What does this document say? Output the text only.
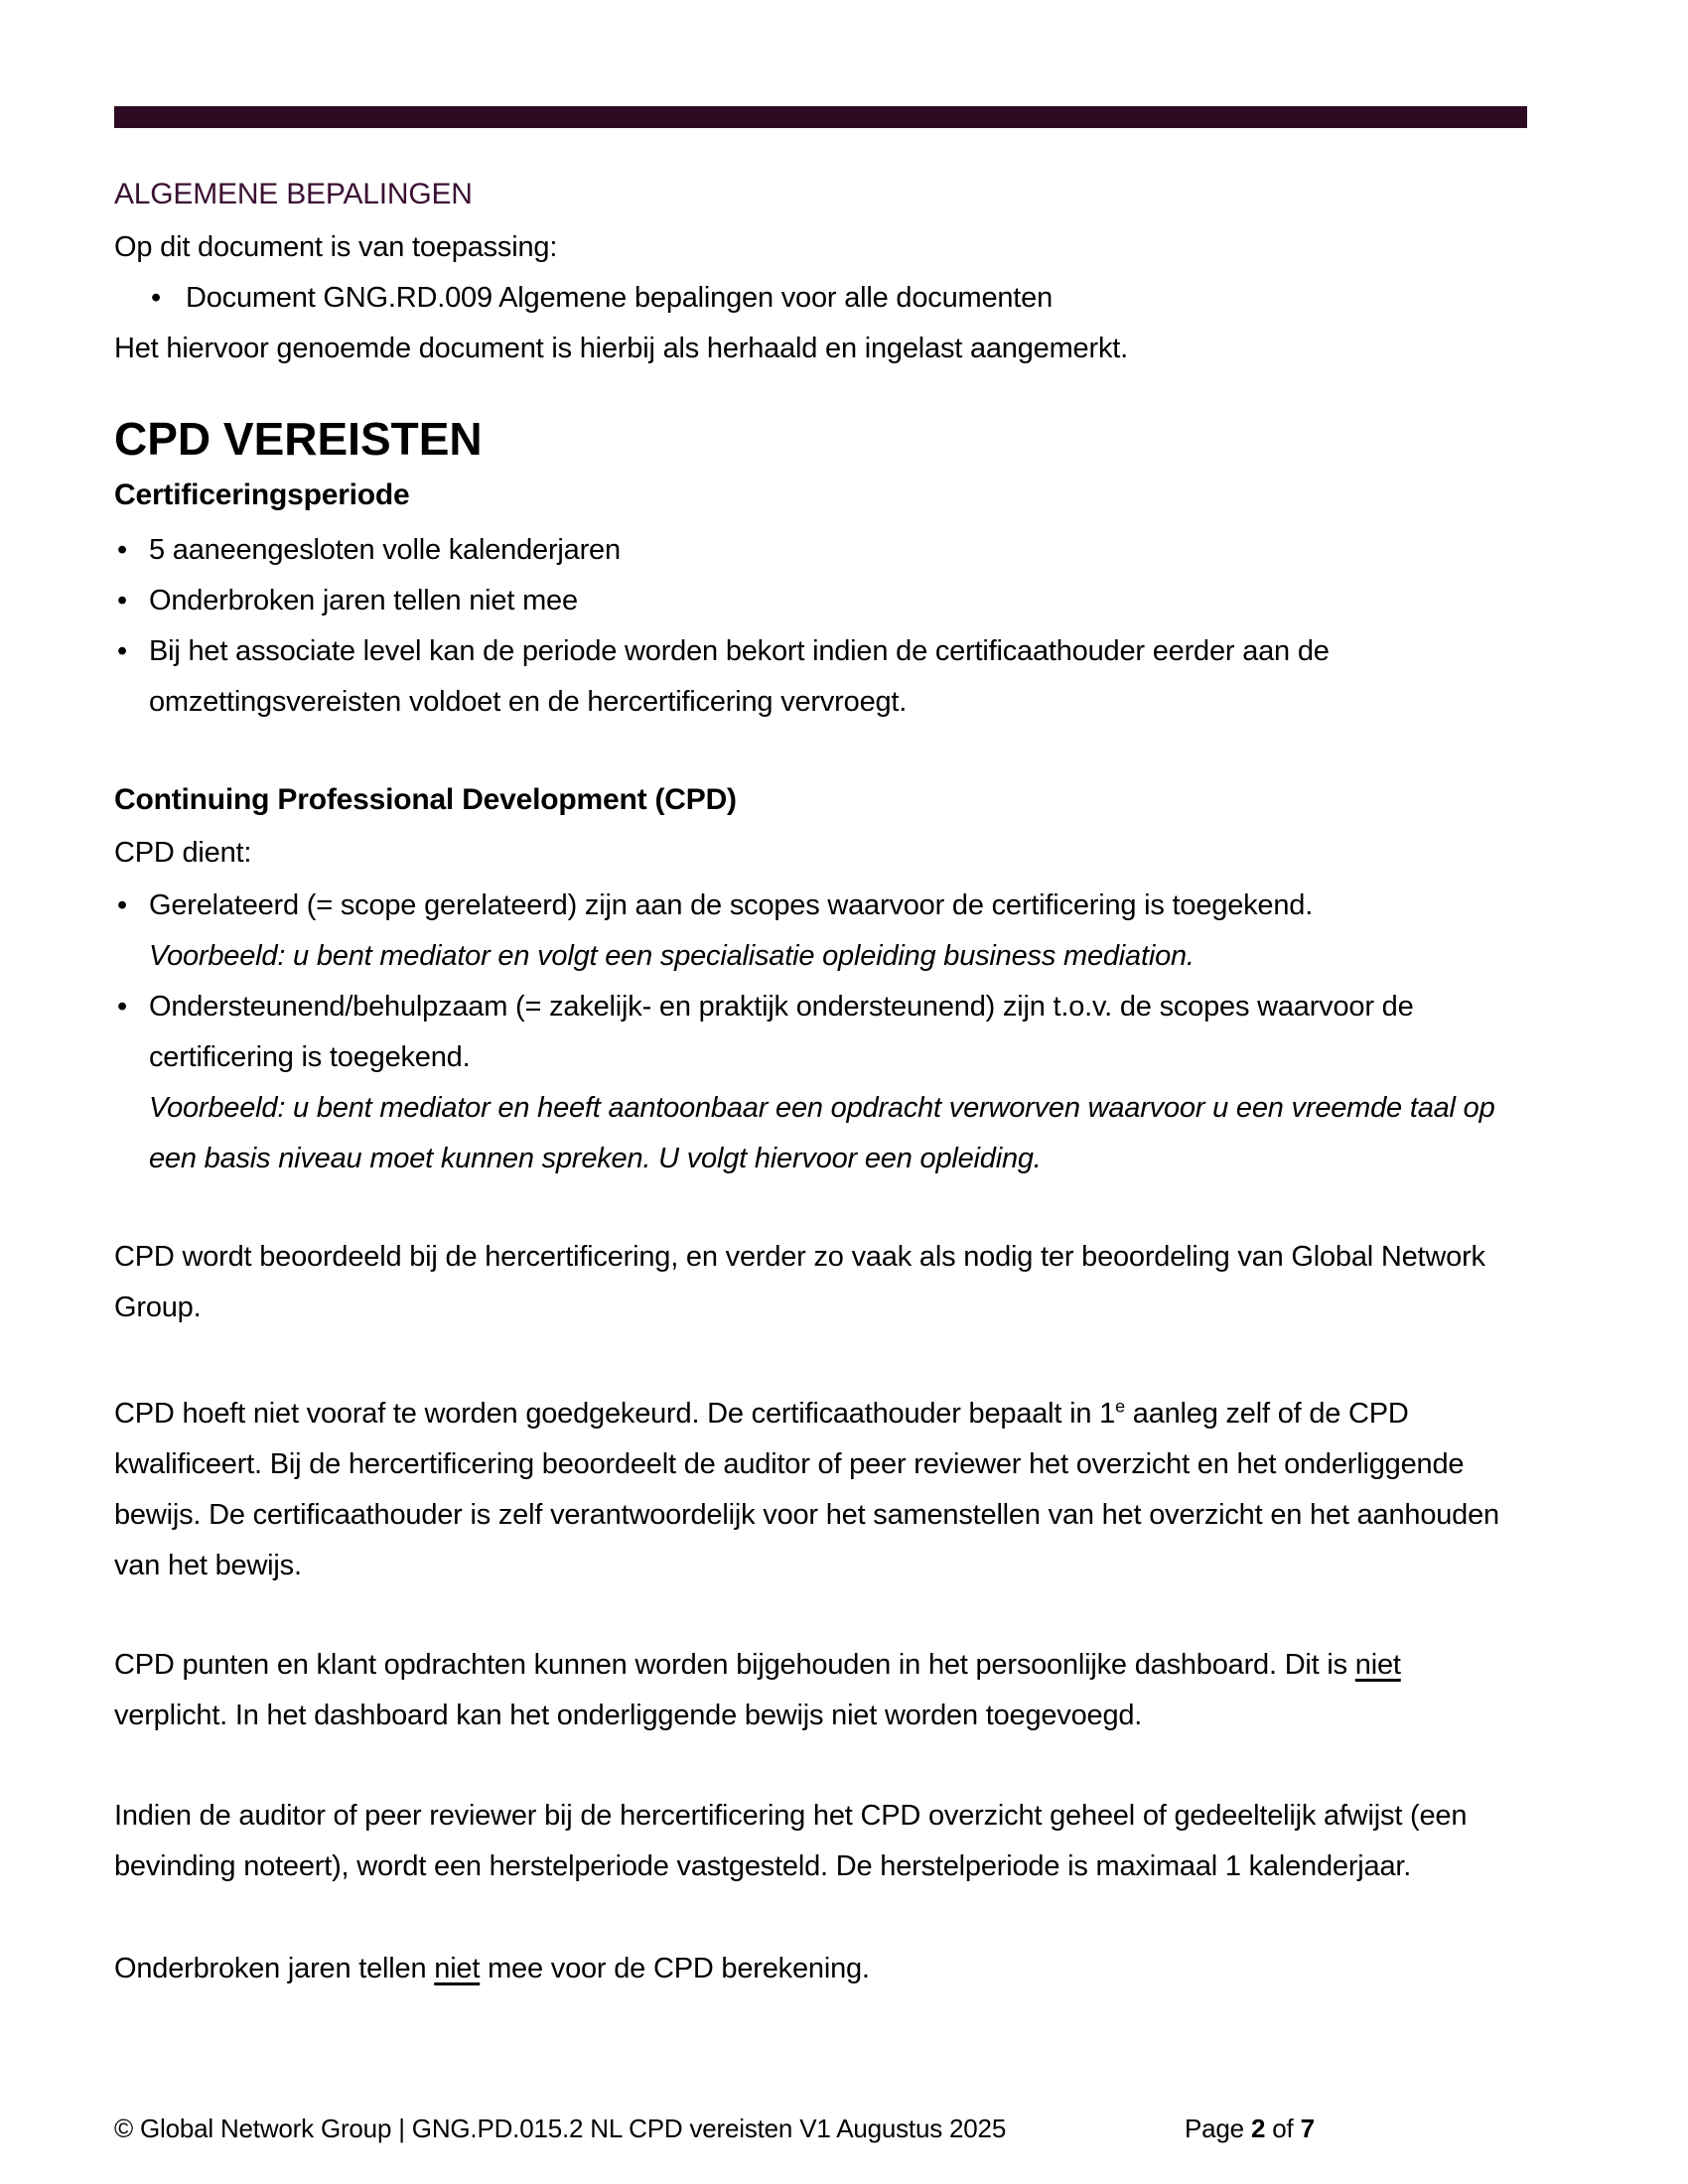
ALGEMENE BEPALINGEN

Op dit document is van toepassing:

•
Document GNG.RD.009 Algemene bepalingen voor alle documenten

Het hiervoor genoemde document is hierbij als herhaald en ingelast aangemerkt.

CPD VEREISTEN
Certificeringsperiode
•
5 aaneengesloten volle kalenderjaren
•
Onderbroken jaren tellen niet mee
•
Bij het associate level kan de periode worden bekort indien de certificaathouder eerder aan de omzettingsvereisten voldoet en de hercertificering vervroegt.
Continuing Professional Development (CPD)

CPD dient:

•
Gerelateerd (= scope gerelateerd) zijn aan de scopes waarvoor de certificering is toegekend.
Voorbeeld: u bent mediator en volgt een specialisatie opleiding business mediation.
•
Ondersteunend/behulpzaam (= zakelijk- en praktijk ondersteunend) zijn t.o.v. de scopes waarvoor de certificering is toegekend.
Voorbeeld: u bent mediator en heeft aantoonbaar een opdracht verworven waarvoor u een vreemde taal op een basis niveau moet kunnen spreken. U volgt hiervoor een opleiding.

CPD wordt beoordeeld bij de hercertificering, en verder zo vaak als nodig ter beoordeling van Global Network Group.

CPD hoeft niet vooraf te worden goedgekeurd. De certificaathouder bepaalt in 1e aanleg zelf of de CPD kwalificeert. Bij de hercertificering beoordeelt de auditor of peer reviewer het overzicht en het onderliggende bewijs. De certificaathouder is zelf verantwoordelijk voor het samenstellen van het overzicht en het aanhouden van het bewijs.

CPD punten en klant opdrachten kunnen worden bijgehouden in het persoonlijke dashboard. Dit is niet verplicht. In het dashboard kan het onderliggende bewijs niet worden toegevoegd.

Indien de auditor of peer reviewer bij de hercertificering het CPD overzicht geheel of gedeeltelijk afwijst (een bevinding noteert), wordt een herstelperiode vastgesteld. De herstelperiode is maximaal 1 kalenderjaar.

Onderbroken jaren tellen niet mee voor de CPD berekening.

© Global Network Group | GNG.PD.015.2 NL CPD vereisten V1 Augustus 2025	Page 2 of 7
